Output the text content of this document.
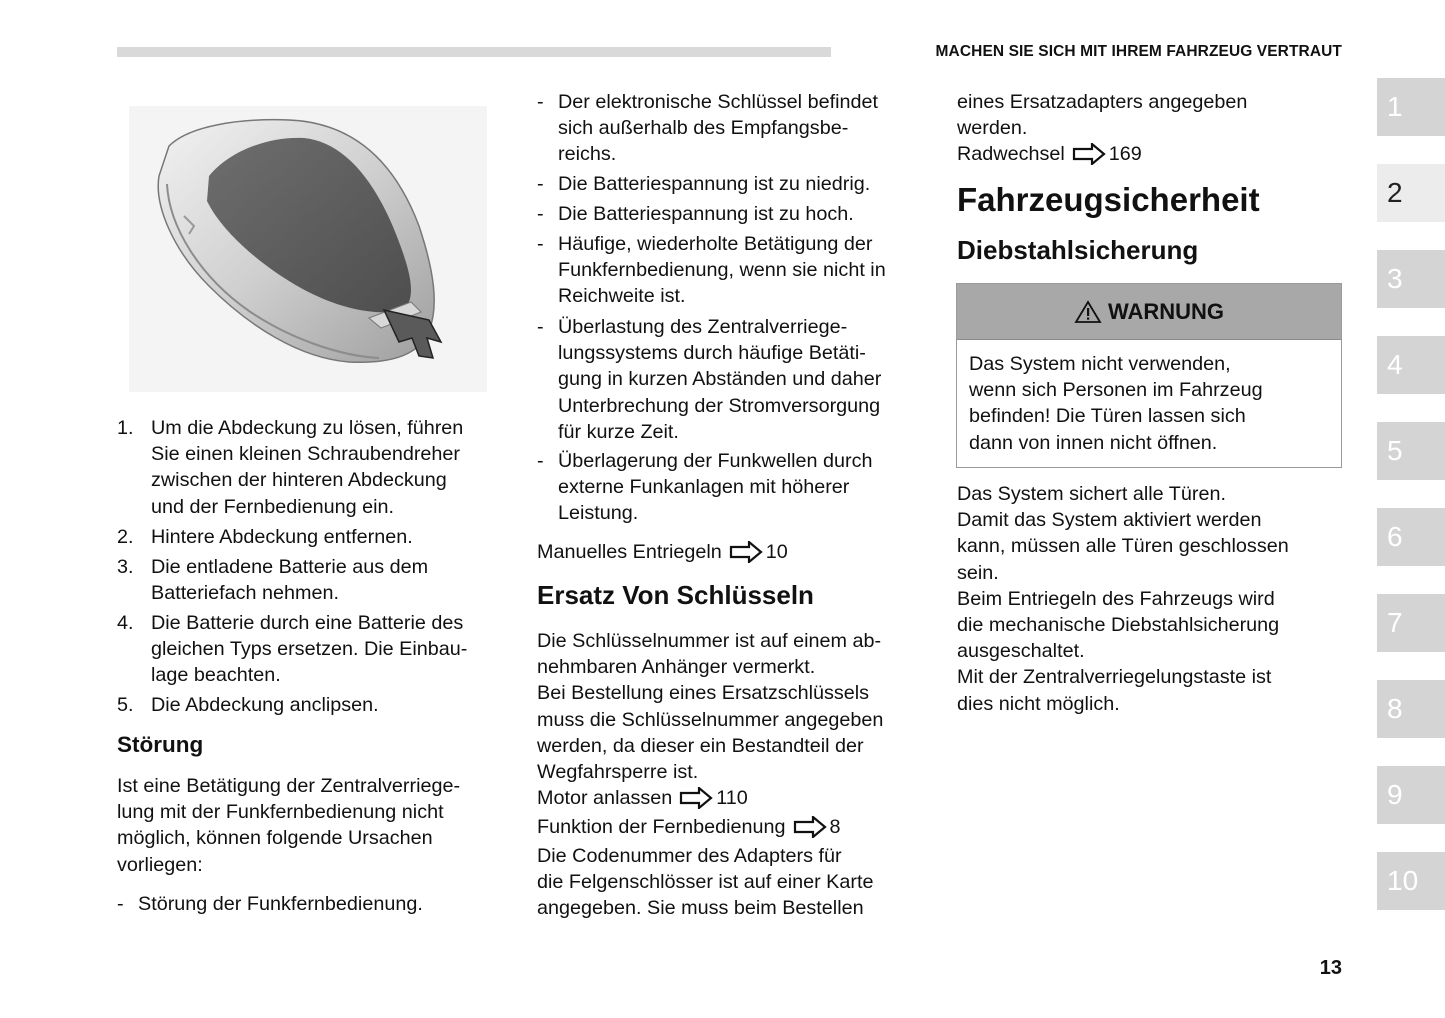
MACHEN SIE SICH MIT IHREM FAHRZEUG VERTRAUT
1. Um die Abdeckung zu lösen, führen
Sie einen kleinen Schraubendreher
zwischen der hinteren Abdeckung
und der Fernbedienung ein.
2. Hintere Abdeckung entfernen.
3. Die entladene Batterie aus dem
Batteriefach nehmen.
4. Die Batterie durch eine Batterie des
gleichen Typs ersetzen. Die Einbau-
lage beachten.
5. Die Abdeckung anclipsen.
Störung
Ist eine Betätigung der Zentralverriege-
lung mit der Funkfernbedienung nicht
möglich, können folgende Ursachen
vorliegen:
- Störung der Funkfernbedienung.
- Der elektronische Schlüssel befindet
sich außerhalb des Empfangsbe-
reichs.
- Die Batteriespannung ist zu niedrig.
- Die Batteriespannung ist zu hoch.
- Häufige, wiederholte Betätigung der
Funkfernbedienung, wenn sie nicht in
Reichweite ist.
- Überlastung des Zentralverriege-
lungssystems durch häufige Betäti-
gung in kurzen Abständen und daher
Unterbrechung der Stromversorgung
für kurze Zeit.
- Überlagerung der Funkwellen durch
externe Funkanlagen mit höherer
Leistung.
Manuelles Entriegeln 10
Ersatz Von Schlüsseln
Die Schlüsselnummer ist auf einem ab-
nehmbaren Anhänger vermerkt.
Bei Bestellung eines Ersatzschlüssels
muss die Schlüsselnummer angegeben
werden, da dieser ein Bestandteil der
Wegfahrsperre ist.
Motor anlassen 110
Funktion der Fernbedienung 8
Die Codenummer des Adapters für
die Felgenschlösser ist auf einer Karte
angegeben. Sie muss beim Bestellen
eines Ersatzadapters angegeben
werden.
Radwechsel 169
Fahrzeugsicherheit
Diebstahlsicherung
WARNUNG
Das System nicht verwenden,
wenn sich Personen im Fahrzeug
befinden! Die Türen lassen sich
dann von innen nicht öffnen.
Das System sichert alle Türen.
Damit das System aktiviert werden
kann, müssen alle Türen geschlossen
sein.
Beim Entriegeln des Fahrzeugs wird
die mechanische Diebstahlsicherung
ausgeschaltet.
Mit der Zentralverriegelungstaste ist
dies nicht möglich.
1
2
3
4
5
6
7
8
9
10
13
